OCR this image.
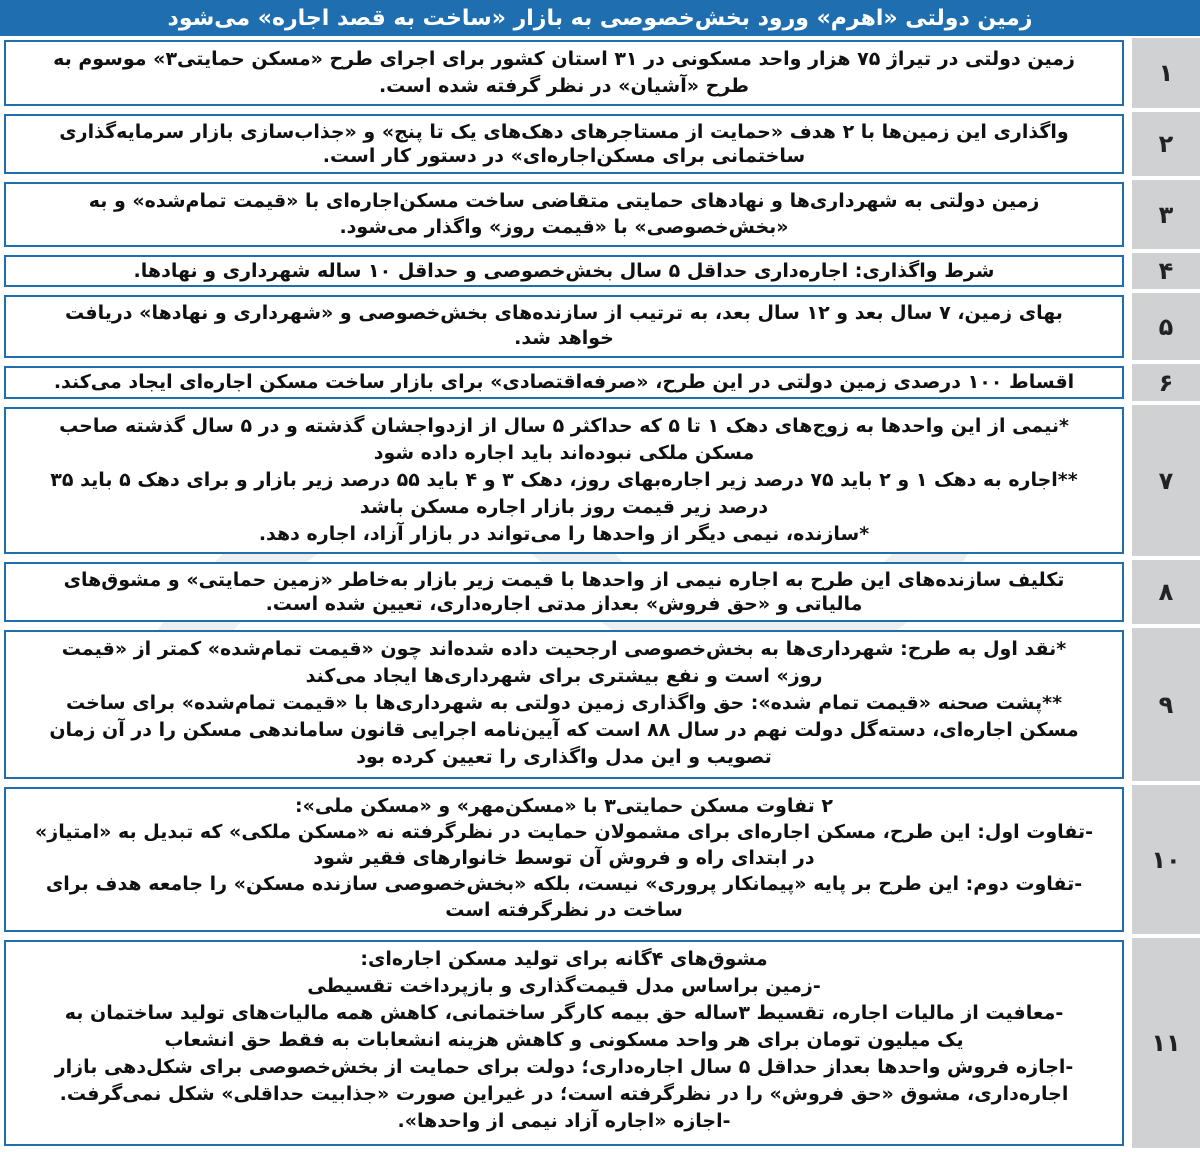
زمین دولتی «اهرم» ورود بخش‌خصوصی به بازار «ساخت به قصد اجاره» می‌شود
۱
زمین دولتی در تیراژ ۷۵ هزار واحد مسکونی در ۳۱ استان کشور برای اجرای طرح «مسکن حمایتی۳» موسوم به
طرح «آشیان» در نظر گرفته شده است.
۲
واگذاری این زمین‌ها با ۲ هدف «حمایت از مستاجرهای دهک‌های یک تا پنج» و «جذاب‌سازی بازار سرمایه‌گذاری
ساختمانی برای مسکن‌اجاره‌ای» در دستور کار است.
۳
زمین دولتی به شهرداری‌ها و نهادهای حمایتی متقاضی ساخت مسکن‌اجاره‌ای با «قیمت تمام‌شده» و به
«بخش‌خصوصی» با «قیمت روز» واگذار می‌شود.
۴
شرط واگذاری: اجاره‌داری حداقل ۵ سال بخش‌خصوصی و حداقل ۱۰ ساله شهرداری و نهادها.
۵
بهای زمین، ۷ سال بعد و ۱۲ سال بعد، به ترتیب از سازنده‌های بخش‌خصوصی و «شهرداری و نهادها» دریافت
خواهد شد.
۶
اقساط ۱۰۰ درصدی زمین دولتی در این طرح، «صرفه‌اقتصادی» برای بازار ساخت مسکن اجاره‌ای ایجاد می‌کند.
۷
*نیمی از این واحدها به زوج‌های دهک ۱ تا ۵ که حداکثر ۵ سال از ازدواجشان گذشته و در ۵ سال گذشته صاحب
مسکن ملکی نبوده‌اند باید اجاره داده شود
**اجاره به دهک ۱ و ۲ باید ۷۵ درصد زیر اجاره‌بهای روز، دهک ۳ و ۴ باید ۵۵ درصد زیر بازار و برای دهک ۵ باید ۳۵
درصد زیر قیمت روز بازار اجاره مسکن باشد
*سازنده، نیمی دیگر از واحدها را می‌تواند در بازار آزاد، اجاره دهد.
۸
تکلیف سازنده‌های این طرح به اجاره نیمی از واحدها با قیمت زیر بازار به‌خاطر «زمین حمایتی» و مشوق‌های
مالیاتی و «حق فروش» بعداز مدتی اجاره‌داری، تعیین شده است.
۹
*نقد اول به طرح: شهرداری‌ها به بخش‌خصوصی ارجحیت داده شده‌اند چون «قیمت تمام‌شده» کمتر از «قیمت
روز» است و نفع بیشتری برای شهرداری‌ها ایجاد می‌کند
**پشت صحنه «قیمت تمام شده»: حق واگذاری زمین دولتی به شهرداری‌ها با «قیمت تمام‌شده» برای ساخت
مسکن اجاره‌ای، دسته‌گل دولت نهم در سال ۸۸ است که آیین‌نامه اجرایی قانون ساماندهی مسکن را در آن زمان
تصویب و این مدل واگذاری را تعیین کرده بود
۱۰
۲ تفاوت مسکن حمایتی۳ با «مسکن‌مهر» و «مسکن ملی»:
-تفاوت اول: این طرح، مسکن اجاره‌ای برای مشمولان حمایت در نظرگرفته نه «مسکن ملکی» که تبدیل به «امتیاز»
در ابتدای راه و فروش آن توسط خانوارهای فقیر شود
-تفاوت دوم: این طرح بر پایه «پیمانکار پروری» نیست، بلکه «بخش‌خصوصی سازنده مسکن» را جامعه هدف برای
ساخت در نظرگرفته است
۱۱
مشوق‌های ۴گانه برای تولید مسکن اجاره‌ای:
-زمین براساس مدل قیمت‌گذاری و بازپرداخت تقسیطی
-معافیت از مالیات اجاره، تقسیط ۳ساله حق بیمه کارگر ساختمانی، کاهش همه مالیات‌های تولید ساختمان به
یک میلیون تومان برای هر واحد مسکونی و کاهش هزینه انشعابات به فقط حق انشعاب
-اجازه فروش واحدها بعداز حداقل ۵ سال اجاره‌داری؛ دولت برای حمایت از بخش‌خصوصی برای شکل‌دهی بازار
اجاره‌داری، مشوق «حق فروش» را در نظرگرفته است؛ در غیراین صورت «جذابیت حداقلی» شکل نمی‌گرفت.
-اجازه «اجاره آزاد نیمی از واحدها».
